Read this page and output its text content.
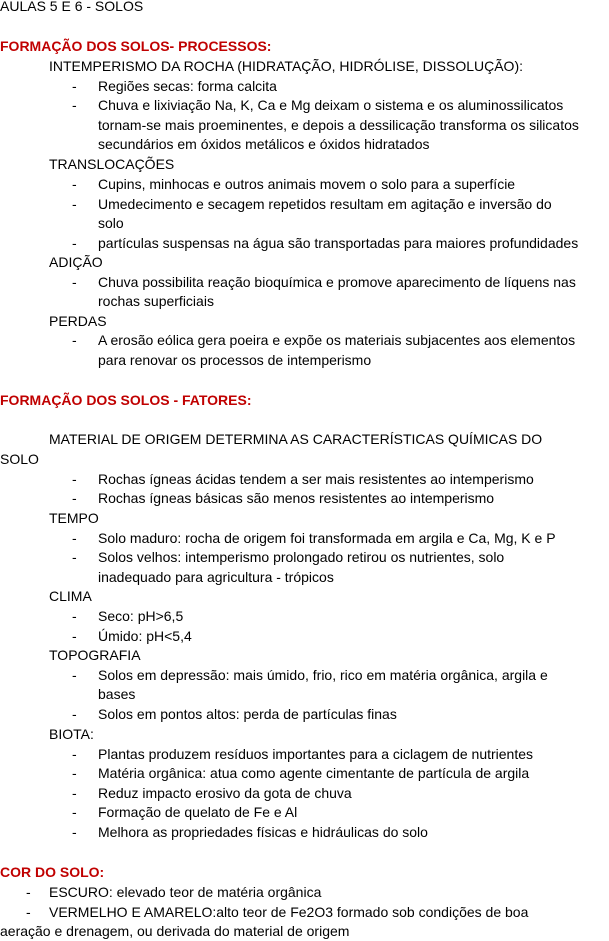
AULAS 5 E 6 - SOLOS
FORMAÇÃO DOS SOLOS- PROCESSOS:
INTEMPERISMO DA ROCHA (HIDRATAÇÃO, HIDRÓLISE, DISSOLUÇÃO):
- Regiões secas: forma calcita
- Chuva e lixiviação Na, K, Ca e Mg deixam o sistema e os aluminossilicatos
tornam-se mais proeminentes, e depois a dessilicação transforma os silicatos
secundários em óxidos metálicos e óxidos hidratados
TRANSLOCAÇÕES
- Cupins, minhocas e outros animais movem o solo para a superfície
- Umedecimento e secagem repetidos resultam em agitação e inversão do
solo
- partículas suspensas na água são transportadas para maiores profundidades
ADIÇÃO
- Chuva possibilita reação bioquímica e promove aparecimento de líquens nas
rochas superficiais
PERDAS
- A erosão eólica gera poeira e expõe os materiais subjacentes aos elementos
para renovar os processos de intemperismo
FORMAÇÃO DOS SOLOS - FATORES:
MATERIAL DE ORIGEM DETERMINA AS CARACTERÍSTICAS QUÍMICAS DO
SOLO
- Rochas ígneas ácidas tendem a ser mais resistentes ao intemperismo
- Rochas ígneas básicas são menos resistentes ao intemperismo
TEMPO
- Solo maduro: rocha de origem foi transformada em argila e Ca, Mg, K e P
- Solos velhos: intemperismo prolongado retirou os nutrientes, solo
inadequado para agricultura - trópicos
CLIMA
- Seco: pH>6,5
- Úmido: pH<5,4
TOPOGRAFIA
- Solos em depressão: mais úmido, frio, rico em matéria orgânica, argila e
bases
- Solos em pontos altos: perda de partículas finas
BIOTA:
- Plantas produzem resíduos importantes para a ciclagem de nutrientes
- Matéria orgânica: atua como agente cimentante de partícula de argila
- Reduz impacto erosivo da gota de chuva
- Formação de quelato de Fe e Al
- Melhora as propriedades físicas e hidráulicas do solo
COR DO SOLO:
- ESCURO: elevado teor de matéria orgânica
- VERMELHO E AMARELO:alto teor de Fe2O3 formado sob condições de boa
aeração e drenagem, ou derivada do material de origem
